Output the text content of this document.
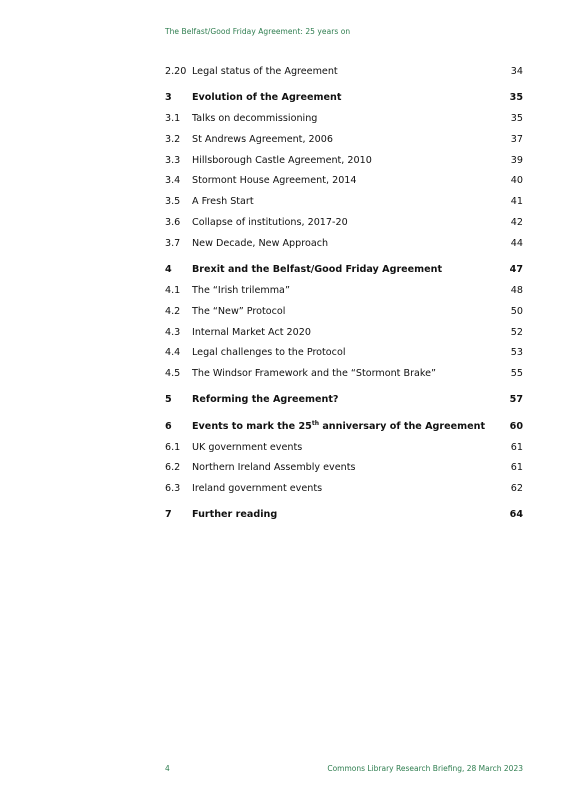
The Belfast/Good Friday Agreement: 25 years on
2.20 Legal status of the Agreement	34
3 Evolution of the Agreement	35
3.1 Talks on decommissioning	35
3.2 St Andrews Agreement, 2006	37
3.3 Hillsborough Castle Agreement, 2010	39
3.4 Stormont House Agreement, 2014	40
3.5 A Fresh Start	41
3.6 Collapse of institutions, 2017-20	42
3.7 New Decade, New Approach	44
4 Brexit and the Belfast/Good Friday Agreement	47
4.1 The “Irish trilemma”	48
4.2 The “New” Protocol	50
4.3 Internal Market Act 2020	52
4.4 Legal challenges to the Protocol	53
4.5 The Windsor Framework and the “Stormont Brake”	55
5 Reforming the Agreement?	57
6 Events to mark the 25th anniversary of the Agreement	60
6.1 UK government events	61
6.2 Northern Ireland Assembly events	61
6.3 Ireland government events	62
7 Further reading	64
4	Commons Library Research Briefing, 28 March 2023
